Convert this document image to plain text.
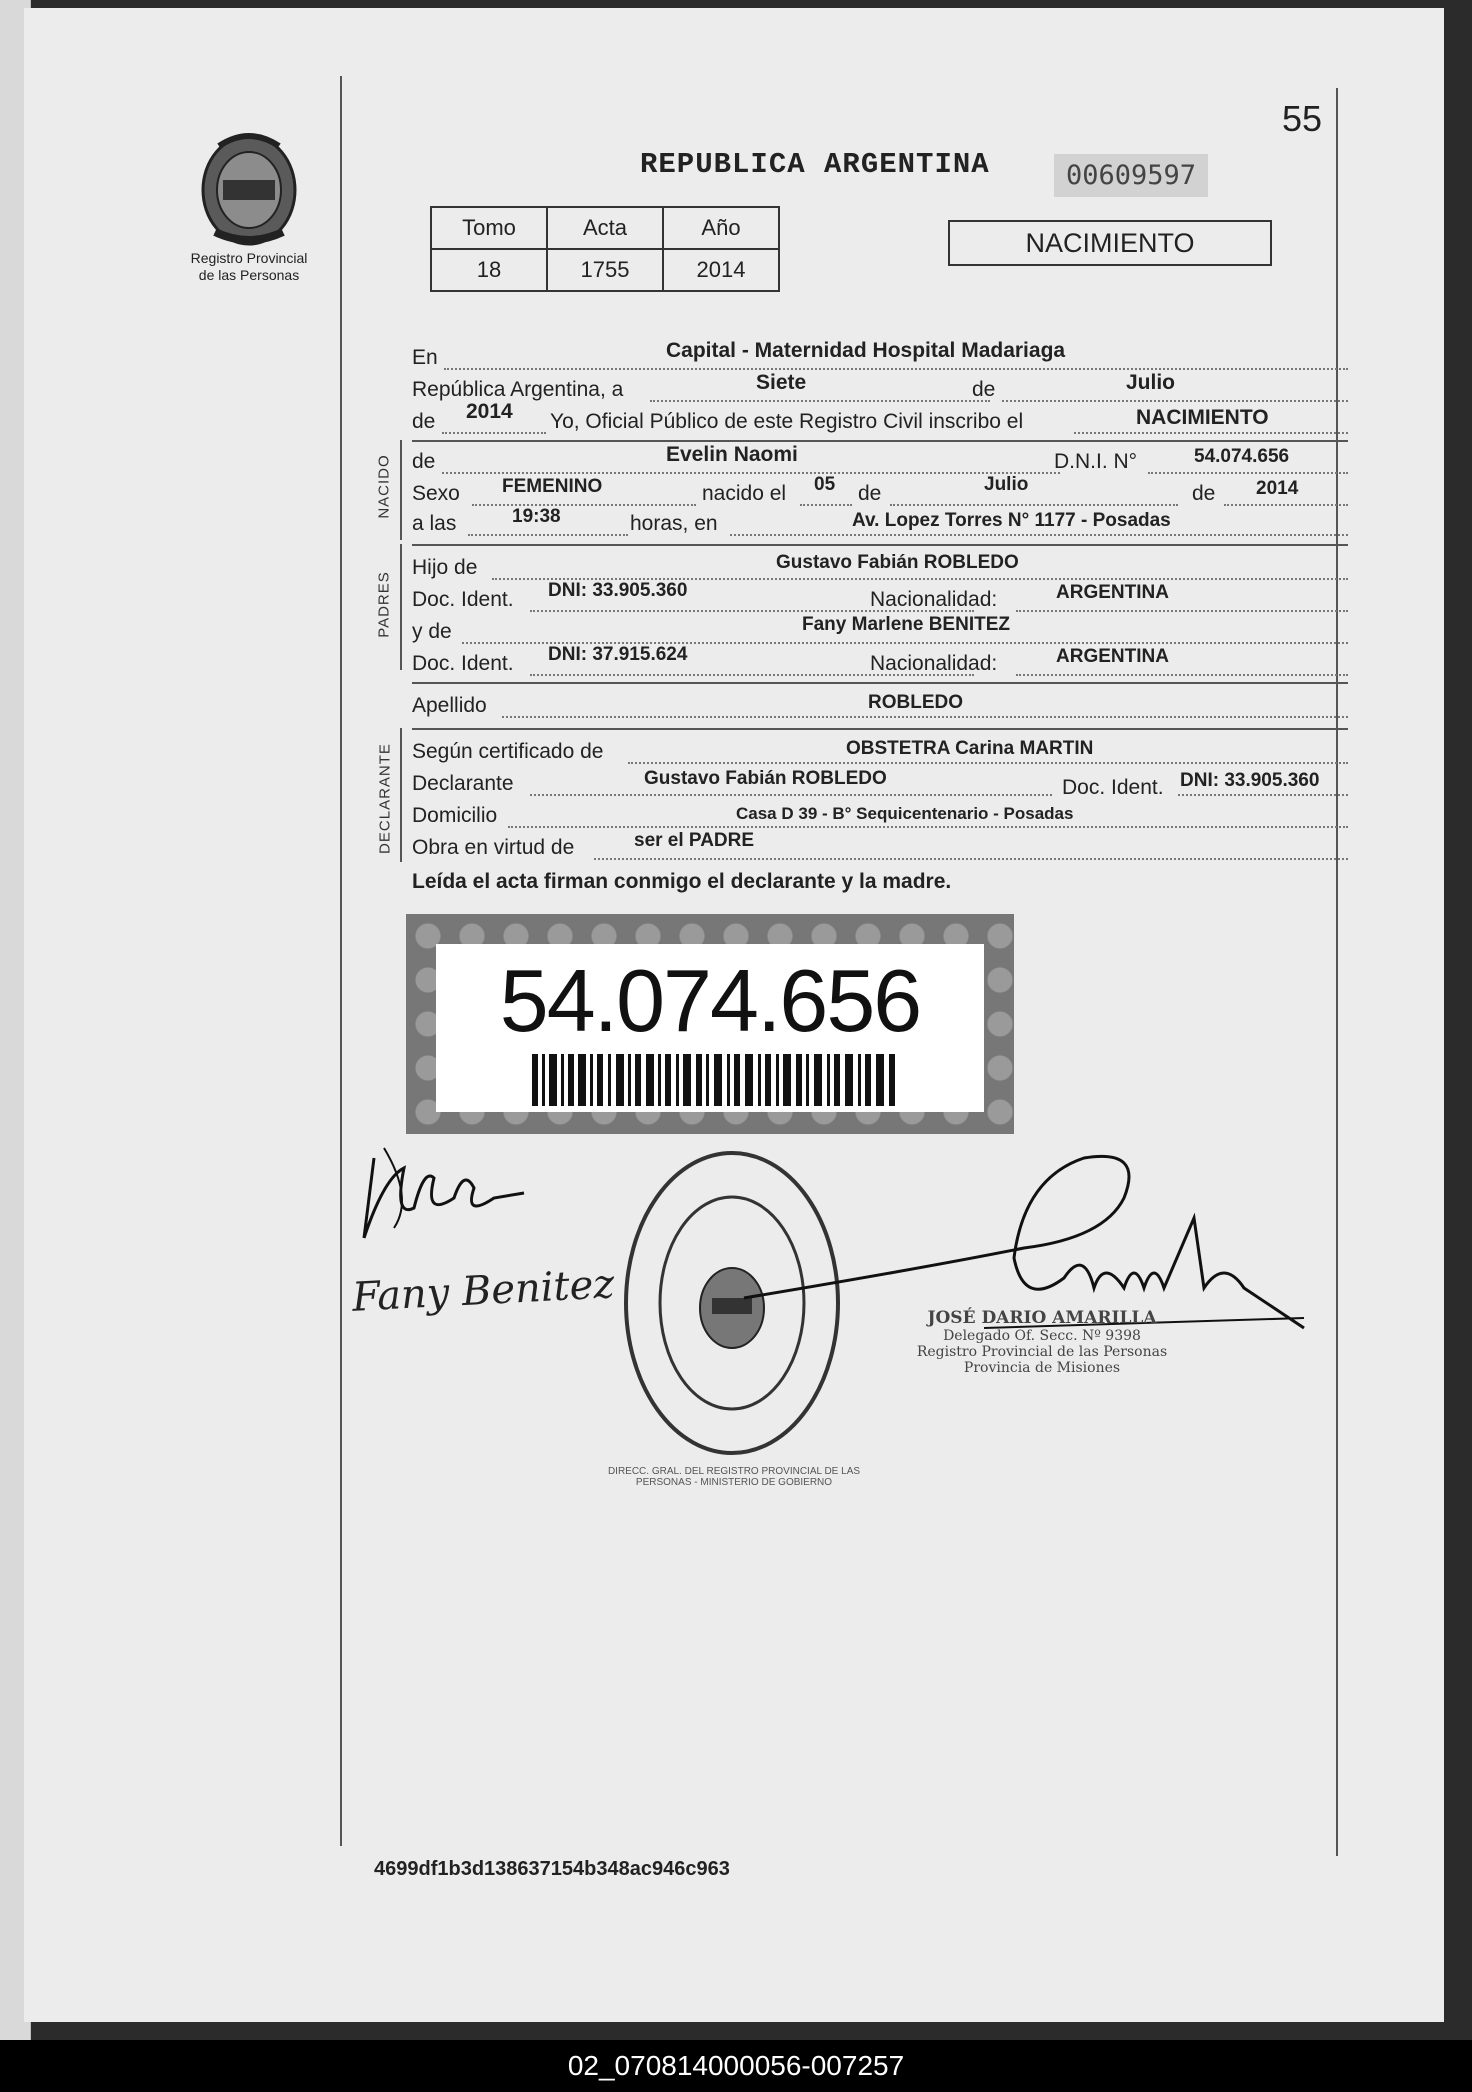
55
Registro Provincial
de las Personas
REPUBLICA ARGENTINA	00609597
Tomo	Acta	Año
18	1755	2014
NACIMIENTO
En	Capital - Maternidad Hospital Madariaga
República Argentina, a	Siete	de	Julio
de 2014 Yo, Oficial Público de este Registro Civil inscribo el	NACIMIENTO
NACIDO de	Evelin Naomi	D.N.I. N°	54.074.656
Sexo FEMENINO	nacido el 05 de	Julio	de 2014
a las	19:38	horas, en	Av. Lopez Torres N° 1177 - Posadas
PADRES
Hijo de	Gustavo Fabián ROBLEDO
Doc. Ident. DNI: 33.905.360	Nacionalidad:	ARGENTINA
y de	Fany Marlene BENITEZ
Doc. Ident. DNI: 37.915.624	Nacionalidad:	ARGENTINA
Apellido	ROBLEDO
DECLARANTE Según certificado de	OBSTETRA Carina MARTIN
Declarante	Gustavo Fabián ROBLEDO	Doc. Ident. DNI: 33.905.360
Domicilio	Casa D 39 - B° Sequicentenario - Posadas
Obra en virtud de	ser el PADRE
Leída el acta firman conmigo el declarante y la madre.
54.074.656
Fany Benitez
DIRECC. GRAL. DEL REGISTRO PROVINCIAL DE LAS PERSONAS - MINISTERIO DE GOBIERNO
JOSÉ DARIO AMARILLA
Delegado Of. Secc. Nº 9398
Registro Provincial de las Personas
Provincia de Misiones
4699df1b3d138637154b348ac946c963
02_070814000056-007257
